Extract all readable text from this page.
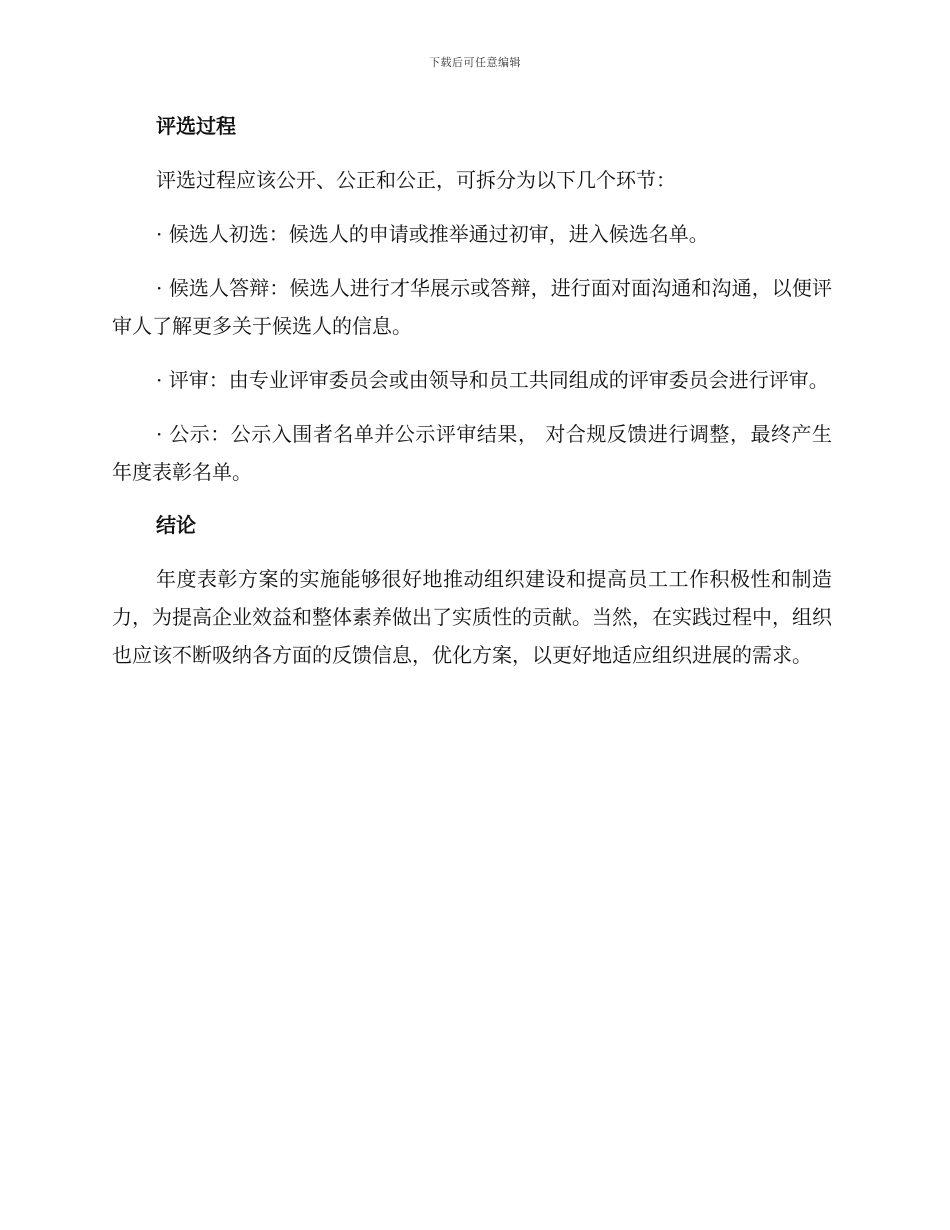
下载后可任意编辑
评选过程

评选过程应该公开、公正和公正，可拆分为以下几个环节：

· 候选人初选：候选人的申请或推举通过初审，进入候选名单。

· 候选人答辩：候选人进行才华展示或答辩，进行面对面沟通和沟通，以便评审人了解更多关于候选人的信息。

· 评审：由专业评审委员会或由领导和员工共同组成的评审委员会进行评审。

· 公示：公示入围者名单并公示评审结果， 对合规反馈进行调整，最终产生年度表彰名单。

结论

年度表彰方案的实施能够很好地推动组织建设和提高员工工作积极性和制造力，为提高企业效益和整体素养做出了实质性的贡献。当然，在实践过程中，组织也应该不断吸纳各方面的反馈信息，优化方案，以更好地适应组织进展的需求。
